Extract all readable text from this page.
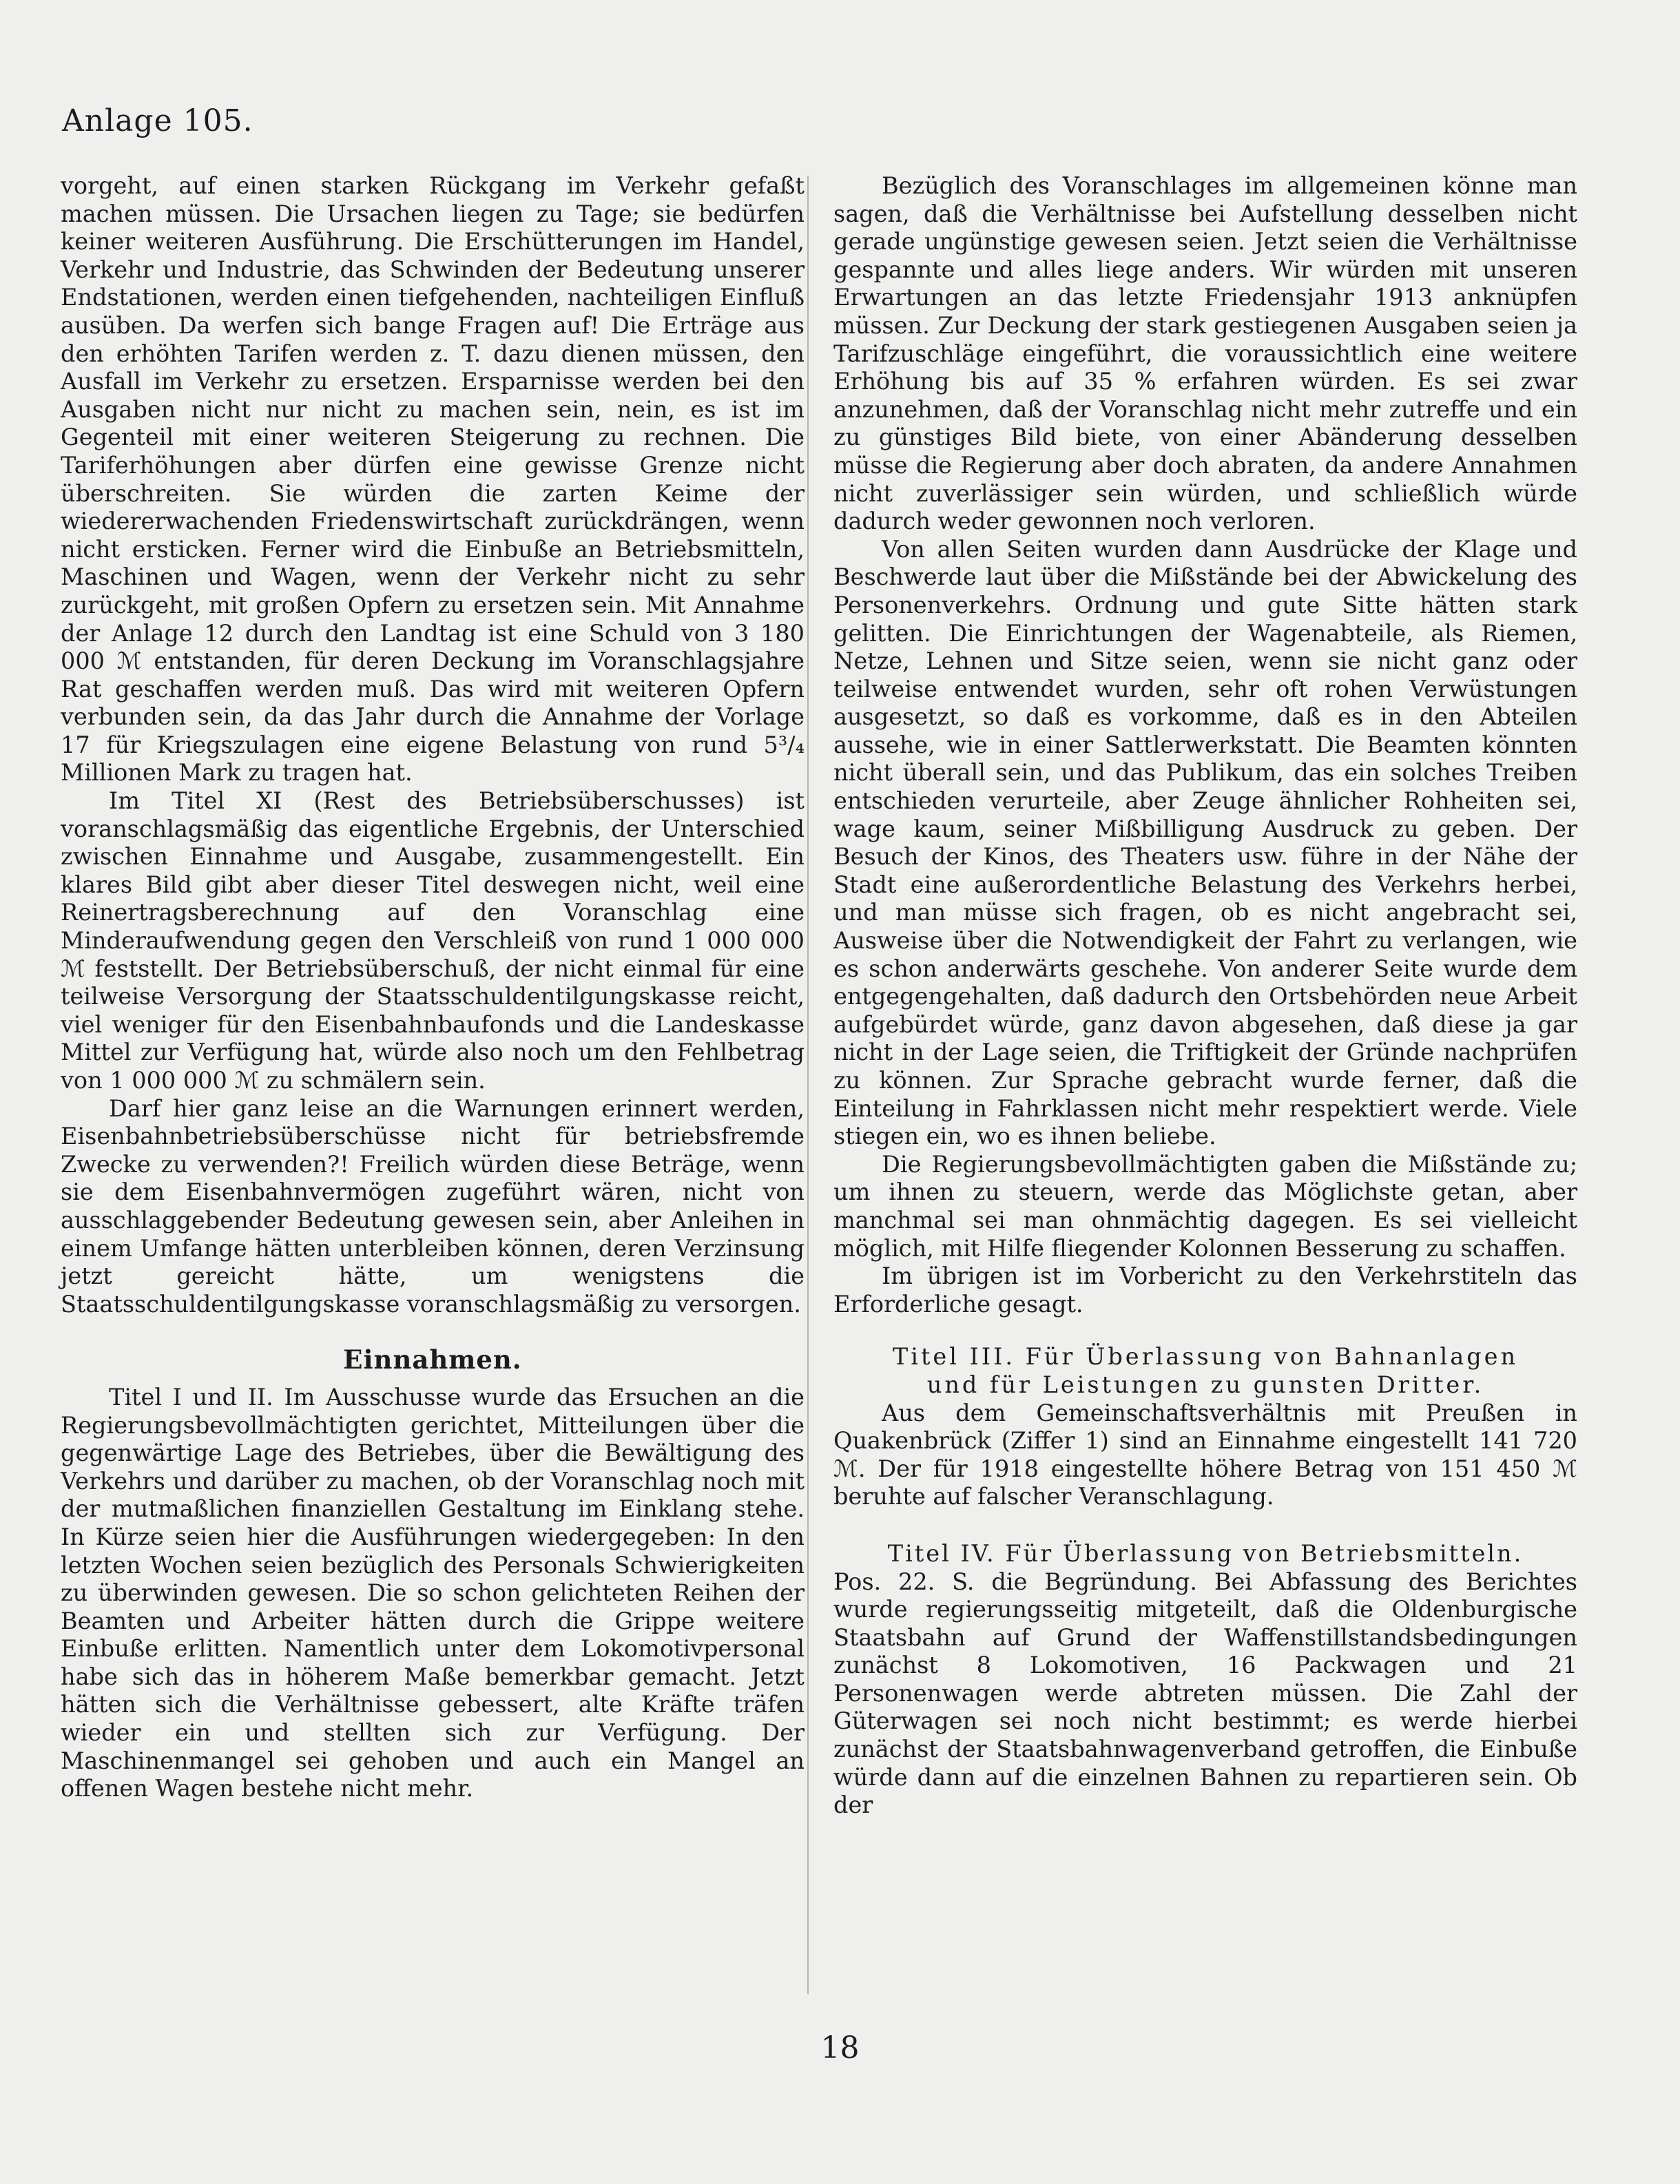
Anlage 105.

vorgeht, auf einen starken Rückgang im Verkehr gefaßt machen müssen. Die Ursachen liegen zu Tage; sie bedürfen keiner weiteren Ausführung. Die Erschütterungen im Handel, Verkehr und Industrie, das Schwinden der Bedeutung unserer Endstationen, werden einen tiefgehenden, nachteiligen Einfluß ausüben. Da werfen sich bange Fragen auf! Die Erträge aus den erhöhten Tarifen werden z. T. dazu dienen müssen, den Ausfall im Verkehr zu ersetzen. Ersparnisse werden bei den Ausgaben nicht nur nicht zu machen sein, nein, es ist im Gegenteil mit einer weiteren Steigerung zu rechnen. Die Tariferhöhungen aber dürfen eine gewisse Grenze nicht überschreiten. Sie würden die zarten Keime der wiedererwachenden Friedenswirtschaft zurückdrängen, wenn nicht ersticken. Ferner wird die Einbuße an Betriebsmitteln, Maschinen und Wagen, wenn der Verkehr nicht zu sehr zurückgeht, mit großen Opfern zu ersetzen sein. Mit Annahme der Anlage 12 durch den Landtag ist eine Schuld von 3 180 000 ℳ entstanden, für deren Deckung im Voranschlagsjahre Rat geschaffen werden muß. Das wird mit weiteren Opfern verbunden sein, da das Jahr durch die Annahme der Vorlage 17 für Kriegszulagen eine eigene Belastung von rund 5³/₄ Millionen Mark zu tragen hat.

Im Titel XI (Rest des Betriebsüberschusses) ist voranschlagsmäßig das eigentliche Ergebnis, der Unterschied zwischen Einnahme und Ausgabe, zusammengestellt. Ein klares Bild gibt aber dieser Titel deswegen nicht, weil eine Reinertragsberechnung auf den Voranschlag eine Minderaufwendung gegen den Verschleiß von rund 1 000 000 ℳ feststellt. Der Betriebsüberschuß, der nicht einmal für eine teilweise Versorgung der Staatsschuldentilgungskasse reicht, viel weniger für den Eisenbahnbaufonds und die Landeskasse Mittel zur Verfügung hat, würde also noch um den Fehlbetrag von 1 000 000 ℳ zu schmälern sein.

Darf hier ganz leise an die Warnungen erinnert werden, Eisenbahnbetriebsüberschüsse nicht für betriebsfremde Zwecke zu verwenden?! Freilich würden diese Beträge, wenn sie dem Eisenbahnvermögen zugeführt wären, nicht von ausschlaggebender Bedeutung gewesen sein, aber Anleihen in einem Umfange hätten unterbleiben können, deren Verzinsung jetzt gereicht hätte, um wenigstens die Staatsschuldentilgungskasse voranschlagsmäßig zu versorgen.

Einnahmen.

Titel I und II. Im Ausschusse wurde das Ersuchen an die Regierungsbevollmächtigten gerichtet, Mitteilungen über die gegenwärtige Lage des Betriebes, über die Bewältigung des Verkehrs und darüber zu machen, ob der Voranschlag noch mit der mutmaßlichen finanziellen Gestaltung im Einklang stehe. In Kürze seien hier die Ausführungen wiedergegeben: In den letzten Wochen seien bezüglich des Personals Schwierigkeiten zu überwinden gewesen. Die so schon gelichteten Reihen der Beamten und Arbeiter hätten durch die Grippe weitere Einbuße erlitten. Namentlich unter dem Lokomotivpersonal habe sich das in höherem Maße bemerkbar gemacht. Jetzt hätten sich die Verhältnisse gebessert, alte Kräfte träfen wieder ein und stellten sich zur Verfügung. Der Maschinenmangel sei gehoben und auch ein Mangel an offenen Wagen bestehe nicht mehr.

Bezüglich des Voranschlages im allgemeinen könne man sagen, daß die Verhältnisse bei Aufstellung desselben nicht gerade ungünstige gewesen seien. Jetzt seien die Verhältnisse gespannte und alles liege anders. Wir würden mit unseren Erwartungen an das letzte Friedensjahr 1913 anknüpfen müssen. Zur Deckung der stark gestiegenen Ausgaben seien ja Tarifzuschläge eingeführt, die voraussichtlich eine weitere Erhöhung bis auf 35 % erfahren würden. Es sei zwar anzunehmen, daß der Voranschlag nicht mehr zutreffe und ein zu günstiges Bild biete, von einer Abänderung desselben müsse die Regierung aber doch abraten, da andere Annahmen nicht zuverlässiger sein würden, und schließlich würde dadurch weder gewonnen noch verloren.

Von allen Seiten wurden dann Ausdrücke der Klage und Beschwerde laut über die Mißstände bei der Abwickelung des Personenverkehrs. Ordnung und gute Sitte hätten stark gelitten. Die Einrichtungen der Wagenabteile, als Riemen, Netze, Lehnen und Sitze seien, wenn sie nicht ganz oder teilweise entwendet wurden, sehr oft rohen Verwüstungen ausgesetzt, so daß es vorkomme, daß es in den Abteilen aussehe, wie in einer Sattlerwerkstatt. Die Beamten könnten nicht überall sein, und das Publikum, das ein solches Treiben entschieden verurteile, aber Zeuge ähnlicher Rohheiten sei, wage kaum, seiner Mißbilligung Ausdruck zu geben. Der Besuch der Kinos, des Theaters usw. führe in der Nähe der Stadt eine außerordentliche Belastung des Verkehrs herbei, und man müsse sich fragen, ob es nicht angebracht sei, Ausweise über die Notwendigkeit der Fahrt zu verlangen, wie es schon anderwärts geschehe. Von anderer Seite wurde dem entgegengehalten, daß dadurch den Ortsbehörden neue Arbeit aufgebürdet würde, ganz davon abgesehen, daß diese ja gar nicht in der Lage seien, die Triftigkeit der Gründe nachprüfen zu können. Zur Sprache gebracht wurde ferner, daß die Einteilung in Fahrklassen nicht mehr respektiert werde. Viele stiegen ein, wo es ihnen beliebe.

Die Regierungsbevollmächtigten gaben die Mißstände zu; um ihnen zu steuern, werde das Möglichste getan, aber manchmal sei man ohnmächtig dagegen. Es sei vielleicht möglich, mit Hilfe fliegender Kolonnen Besserung zu schaffen.

Im übrigen ist im Vorbericht zu den Verkehrstiteln das Erforderliche gesagt.

Titel III. Für Überlassung von Bahnanlagen
und für Leistungen zu gunsten Dritter.

Aus dem Gemeinschaftsverhältnis mit Preußen in Quakenbrück (Ziffer 1) sind an Einnahme eingestellt 141 720 ℳ. Der für 1918 eingestellte höhere Betrag von 151 450 ℳ beruhte auf falscher Veranschlagung.

Titel IV. Für Überlassung von Betriebsmitteln.

Pos. 22. S. die Begründung. Bei Abfassung des Berichtes wurde regierungsseitig mitgeteilt, daß die Oldenburgische Staatsbahn auf Grund der Waffenstillstandsbedingungen zunächst 8 Lokomotiven, 16 Packwagen und 21 Personenwagen werde abtreten müssen. Die Zahl der Güterwagen sei noch nicht bestimmt; es werde hierbei zunächst der Staatsbahnwagenverband getroffen, die Einbuße würde dann auf die einzelnen Bahnen zu repartieren sein. Ob der

18
